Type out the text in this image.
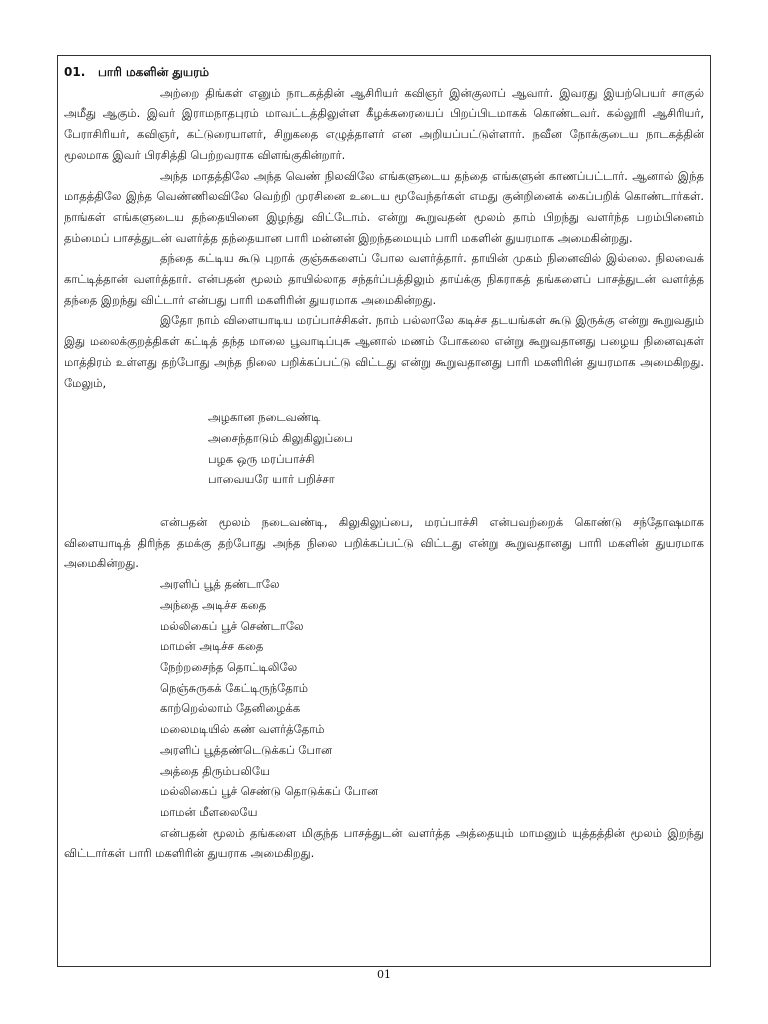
01. பாரி மகளின் துயரம்

அற்றை திங்கள் எனும் நாடகத்தின் ஆசிரியர் கவிஞர் இன்குலாப் ஆவார். இவரது இயற்பெயர் சாகுல் அமீது ஆகும். இவர் இராமநாதபுரம் மாவட்டத்திலுள்ள கீழக்கரையைப் பிறப்பிடமாகக் கொண்டவர். கல்லூரி ஆசிரியர், பேராசிரியர், கவிஞர், கட்டுரையாளர், சிறுகதை எழுத்தாளர் என அறியப்பட்டுள்ளார். நவீன நோக்குடைய நாடகத்தின் மூலமாக இவர் பிரசித்தி பெற்றவராக விளங்குகின்றார்.

அந்த மாதத்திலே அந்த வெண் நிலவிலே எங்களுடைய தந்தை எங்களுன் காணப்பட்டார். ஆனால் இந்த மாதத்திலே இந்த வெண்ணிலவிலே வெற்றி முரசினை உடைய மூவேந்தர்கள் எமது குன்றினைக் கைப்பறிக் கொண்டார்கள். நாங்கள் எங்களுடைய தந்தையினை இழந்து விட்டோம். என்று கூறுவதன் மூலம் தாம் பிறந்து வளர்ந்த பறம்பினைம் தம்மைப் பாசத்துடன் வளர்த்த தந்தையான பாரி மன்னன் இறந்தமையும் பாரி மகளின் துயரமாக அமைகின்றது.

தந்தை கட்டிய கூடு புறாக் குஞ்சுகளைப் போல வளர்த்தார். தாயின் முகம் நினைவில் இல்லை. நிலவைக் காட்டித்தான் வளர்த்தார். என்பதன் மூலம் தாயில்லாத சந்தர்ப்பத்திலும் தாய்க்கு நிகராகத் தங்களைப் பாசத்துடன் வளர்த்த தந்தை இறந்து விட்டார் என்பது பாரி மகளிரின் துயரமாக அமைகின்றது.

இதோ நாம் விளையாடிய மரப்பாச்சிகள். நாம் பல்லாலே கடிச்ச தடயங்கள் கூடு இருக்கு என்று கூறுவதும் இது மலைக்குறத்திகள் கட்டித் தந்த மாலை பூவாடிப்புசு ஆனால் மணம் போகலை என்று கூறுவதானது பழைய நினைவுகள் மாத்திரம் உள்ளது தற்போது அந்த நிலை பறிக்கப்பட்டு விட்டது என்று கூறுவதானது பாரி மகளிரின் துயரமாக அமைகிறது. மேலும்,

அழகான நடைவண்டி
அசைந்தாடும் கிலுகிலுப்பை
பழக ஒரு மரப்பாச்சி
பாவையரே யார் பறிச்சா

என்பதன் மூலம் நடைவண்டி, கிலுகிலுப்பை, மரப்பாச்சி என்பவற்றைக் கொண்டு சந்தோஷமாக விளையாடித் திரிந்த தமக்கு தற்போது அந்த நிலை பறிக்கப்பட்டு விட்டது என்று கூறுவதானது பாரி மகளின் துயரமாக அமைகின்றது.

அரளிப் பூத் தண்டாலே
அந்தை அடிச்ச கதை
மல்லிகைப் பூச் செண்டாலே
மாமன் அடிச்ச கதை
நேற்றசைந்த தொட்டிலிலே
நெஞ்சுருகக் கேட்டிருந்தோம்
காற்றெல்லாம் தேனிழைக்க
மலைமடியில் கண் வளர்த்தோம்
அரளிப் பூத்தண்டெடுக்கப் போன
அத்தை திரும்பலியே
மல்லிகைப் பூச் செண்டு தொடுக்கப் போன
மாமன் மீளலையே

என்பதன் மூலம் தங்களை மிகுந்த பாசத்துடன் வளர்த்த அத்தையும் மாமனும் யுத்தத்தின் மூலம் இறந்து விட்டார்கள் பாரி மகளிரின் துயராக அமைகிறது.

01
